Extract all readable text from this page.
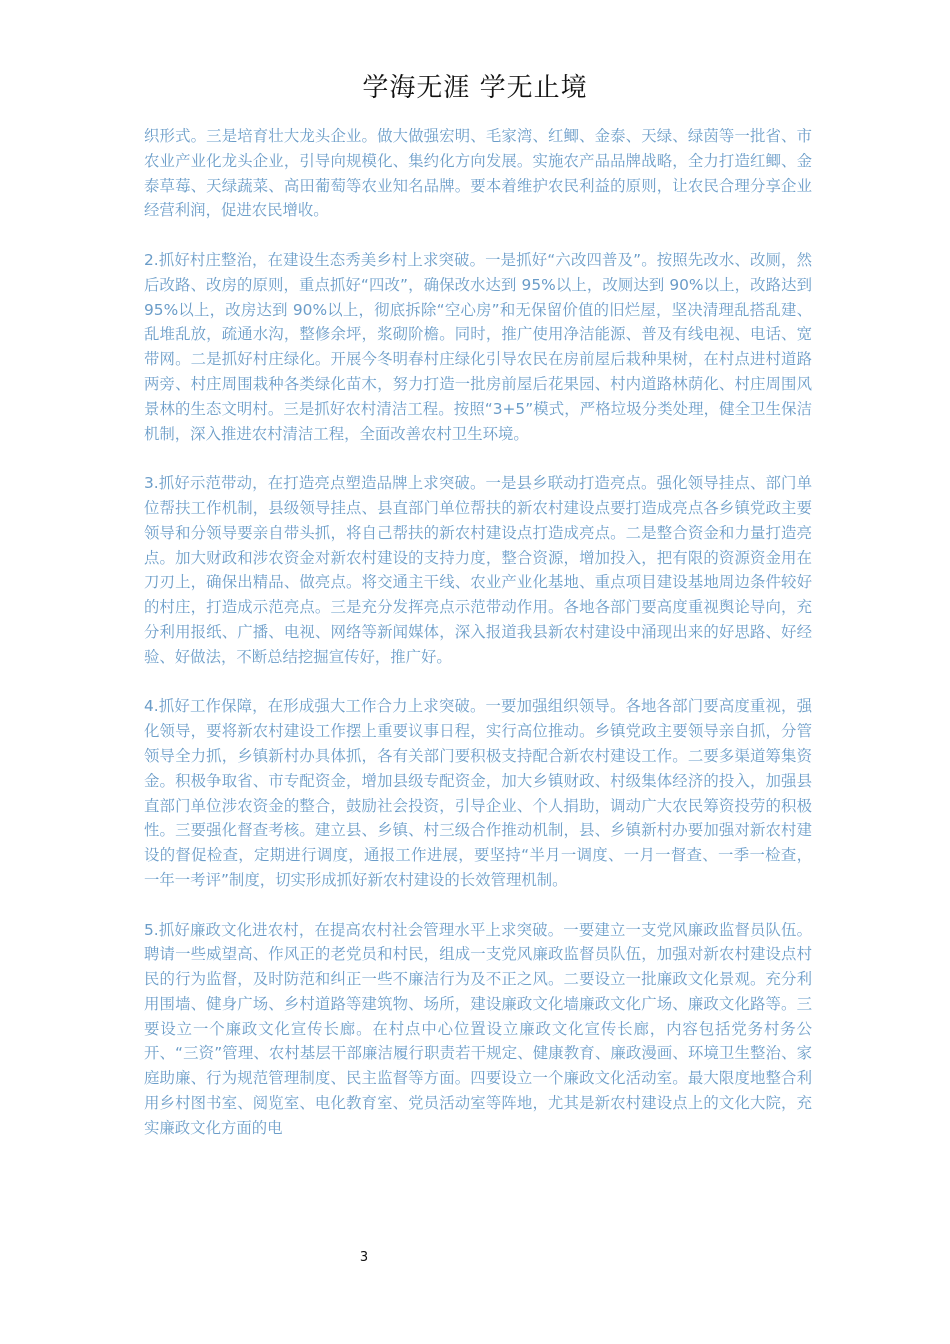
学海无涯 学无止境

织形式。三是培育壮大龙头企业。做大做强宏明、毛家湾、红鲫、金泰、天绿、绿茵等一批省、市农业产业化龙头企业，引导向规模化、集约化方向发展。实施农产品品牌战略，全力打造红鲫、金泰草莓、天绿蔬菜、高田葡萄等农业知名品牌。要本着维护农民利益的原则，让农民合理分享企业经营利润，促进农民增收。

2.抓好村庄整治，在建设生态秀美乡村上求突破。一是抓好“六改四普及”。按照先改水、改厕，然后改路、改房的原则，重点抓好“四改”，确保改水达到 95%以上，改厕达到 90%以上，改路达到 95%以上，改房达到 90%以上，彻底拆除“空心房”和无保留价值的旧烂屋，坚决清理乱搭乱建、乱堆乱放，疏通水沟，整修余坪，浆砌阶檐。同时，推广使用净洁能源、普及有线电视、电话、宽带网。二是抓好村庄绿化。开展今冬明春村庄绿化引导农民在房前屋后栽种果树，在村点进村道路两旁、村庄周围栽种各类绿化苗木，努力打造一批房前屋后花果园、村内道路林荫化、村庄周围风景林的生态文明村。三是抓好农村清洁工程。按照“3+5”模式，严格垃圾分类处理，健全卫生保洁机制，深入推进农村清洁工程，全面改善农村卫生环境。

3.抓好示范带动，在打造亮点塑造品牌上求突破。一是县乡联动打造亮点。强化领导挂点、部门单位帮扶工作机制，县级领导挂点、县直部门单位帮扶的新农村建设点要打造成亮点各乡镇党政主要领导和分领导要亲自带头抓，将自己帮扶的新农村建设点打造成亮点。二是整合资金和力量打造亮点。加大财政和涉农资金对新农村建设的支持力度，整合资源，增加投入，把有限的资源资金用在刀刃上，确保出精品、做亮点。将交通主干线、农业产业化基地、重点项目建设基地周边条件较好的村庄，打造成示范亮点。三是充分发挥亮点示范带动作用。各地各部门要高度重视舆论导向，充分利用报纸、广播、电视、网络等新闻媒体，深入报道我县新农村建设中涌现出来的好思路、好经验、好做法，不断总结挖掘宣传好，推广好。

4.抓好工作保障，在形成强大工作合力上求突破。一要加强组织领导。各地各部门要高度重视，强化领导，要将新农村建设工作摆上重要议事日程，实行高位推动。乡镇党政主要领导亲自抓，分管领导全力抓，乡镇新村办具体抓，各有关部门要积极支持配合新农村建设工作。二要多渠道筹集资金。积极争取省、市专配资金，增加县级专配资金，加大乡镇财政、村级集体经济的投入，加强县直部门单位涉农资金的整合，鼓励社会投资，引导企业、个人捐助，调动广大农民筹资投劳的积极性。三要强化督查考核。建立县、乡镇、村三级合作推动机制，县、乡镇新村办要加强对新农村建设的督促检查，定期进行调度，通报工作进展，要坚持“半月一调度、一月一督查、一季一检查，一年一考评”制度，切实形成抓好新农村建设的长效管理机制。

5.抓好廉政文化进农村，在提高农村社会管理水平上求突破。一要建立一支党风廉政监督员队伍。聘请一些威望高、作风正的老党员和村民，组成一支党风廉政监督员队伍，加强对新农村建设点村民的行为监督，及时防范和纠正一些不廉洁行为及不正之风。二要设立一批廉政文化景观。充分利用围墙、健身广场、乡村道路等建筑物、场所，建设廉政文化墙廉政文化广场、廉政文化路等。三要设立一个廉政文化宣传长廊。在村点中心位置设立廉政文化宣传长廊，内容包括党务村务公开、“三资”管理、农村基层干部廉洁履行职责若干规定、健康教育、廉政漫画、环境卫生整治、家庭助廉、行为规范管理制度、民主监督等方面。四要设立一个廉政文化活动室。最大限度地整合利用乡村图书室、阅览室、电化教育室、党员活动室等阵地，尤其是新农村建设点上的文化大院，充实廉政文化方面的电

3
